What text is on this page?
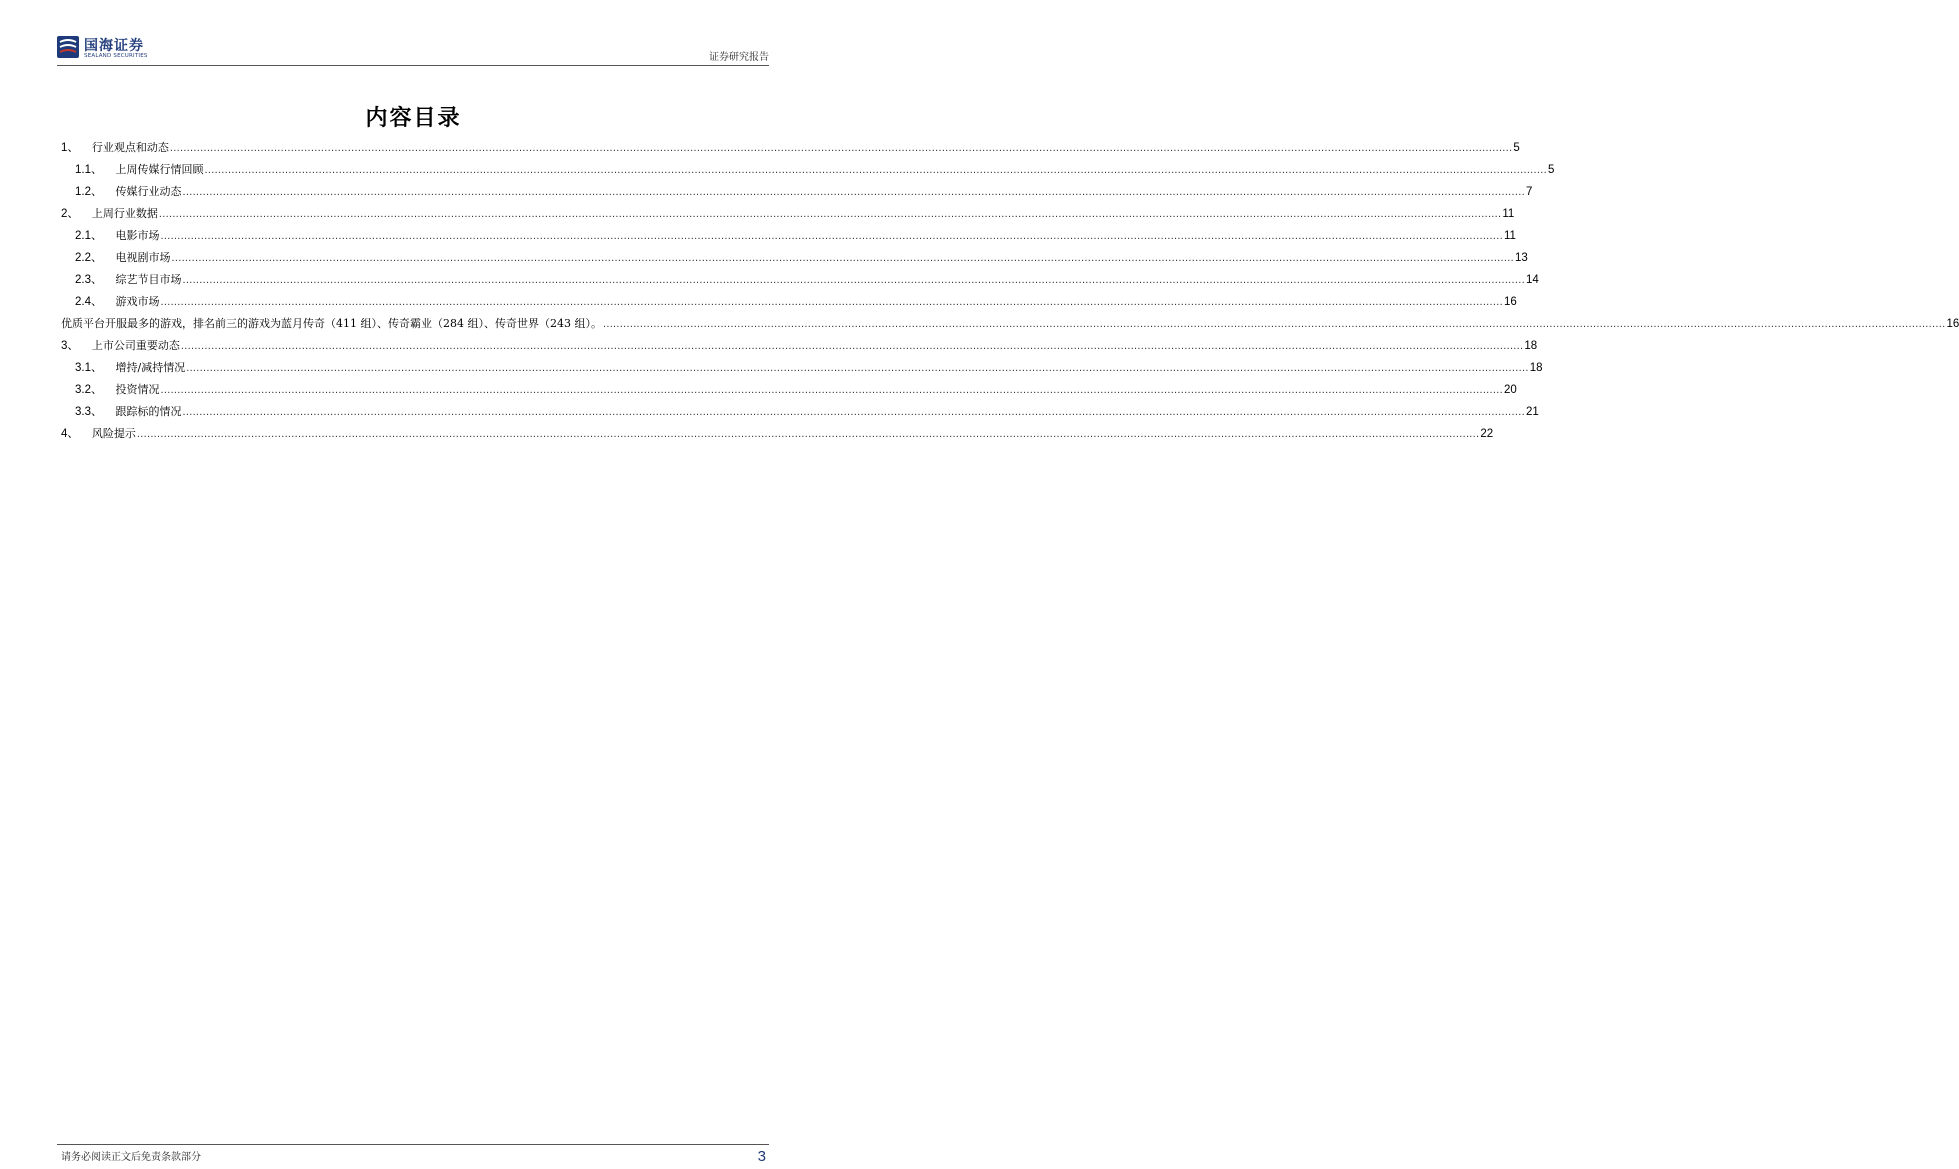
国海证券
SEALAND SECURITIES	证券研究报告
内容目录
1、
行业观点和动态 ................................................................................................................................................................................................................................................................................................................................................................................................................ 5
1.1、
上周传媒行情回顾 ................................................................................................................................................................................................................................................................................................................................................................................................................ 5
1.2、
传媒行业动态 ................................................................................................................................................................................................................................................................................................................................................................................................................ 7
2、
上周行业数据 ................................................................................................................................................................................................................................................................................................................................................................................................................ 11
2.1、
电影市场 ................................................................................................................................................................................................................................................................................................................................................................................................................ 11
2.2、
电视剧市场 ................................................................................................................................................................................................................................................................................................................................................................................................................ 13
2.3、
综艺节目市场 ................................................................................................................................................................................................................................................................................................................................................................................................................ 14
2.4、
游戏市场 ................................................................................................................................................................................................................................................................................................................................................................................................................ 16
优质平台开服最多的游戏，排名前三的游戏为蓝月传奇（411 组）、传奇霸业（284 组）、传奇世界（243 组）。 ................................................................................................................................................................................................................................................................................................................................................................................................................ 16
3、
上市公司重要动态 ................................................................................................................................................................................................................................................................................................................................................................................................................ 18
3.1、
增持/减持情况 ................................................................................................................................................................................................................................................................................................................................................................................................................ 18
3.2、
投资情况 ................................................................................................................................................................................................................................................................................................................................................................................................................ 20
3.3、
跟踪标的情况 ................................................................................................................................................................................................................................................................................................................................................................................................................ 21
4、
风险提示 ................................................................................................................................................................................................................................................................................................................................................................................................................ 22
请务必阅读正文后免责条款部分	3
